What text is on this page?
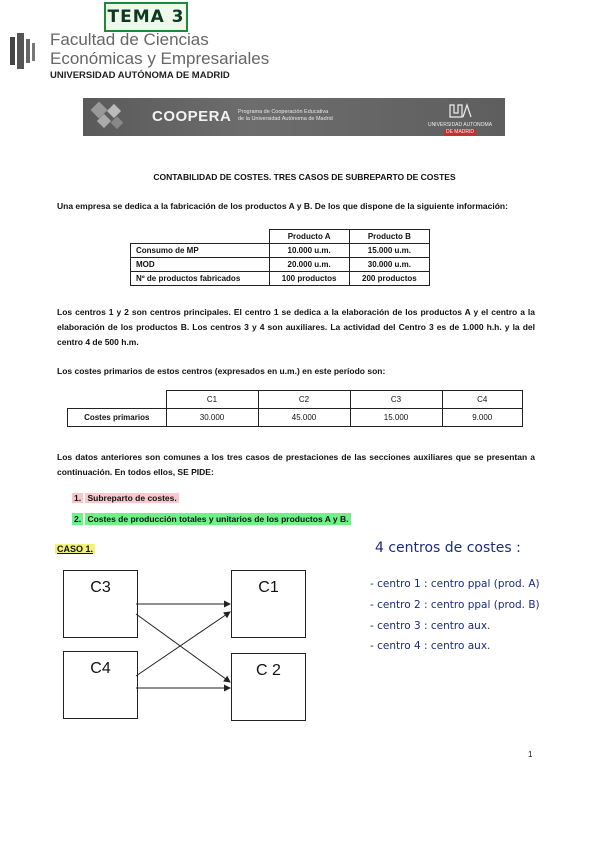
TEMA 3
Facultad de Ciencias
Económicas y Empresariales
UNIVERSIDAD AUTÓNOMA DE MADRID
COOPERA Programa de Cooperación Educativa
de la Universidad Autónoma de Madrid
UNIVERSIDAD AUTONOMA
DE MADRID
CONTABILIDAD DE COSTES. TRES CASOS DE SUBREPARTO DE COSTES
Una empresa se dedica a la fabricación de los productos A y B. De los que dispone de la siguiente información:
	Producto A	Producto B
Consumo de MP	10.000 u.m.	15.000 u.m.
MOD	20.000 u.m.	30.000 u.m.
Nº de productos fabricados	100 productos	200 productos
Los centros 1 y 2 son centros principales. El centro 1 se dedica a la elaboración de los productos A y el centro a la elaboración de los productos B. Los centros 3 y 4 son auxiliares. La actividad del Centro 3 es de 1.000 h.h. y la del centro 4 de 500 h.m.
Los costes primarios de estos centros (expresados en u.m.) en este período son:
	C1	C2	C3	C4
Costes primarios	30.000	45.000	15.000	9.000
Los datos anteriores son comunes a los tres casos de prestaciones de las secciones auxiliares que se presentan a continuación. En todos ellos, SE PIDE:
1. Subreparto de costes.
2. Costes de producción totales y unitarios de los productos A y B.
CASO 1.
C3
C4
C1
C 2
4 centros de costes :
- centro 1 : centro ppal (prod. A)
- centro 2 : centro ppal (prod. B)
- centro 3 : centro aux.
- centro 4 : centro aux.
1
